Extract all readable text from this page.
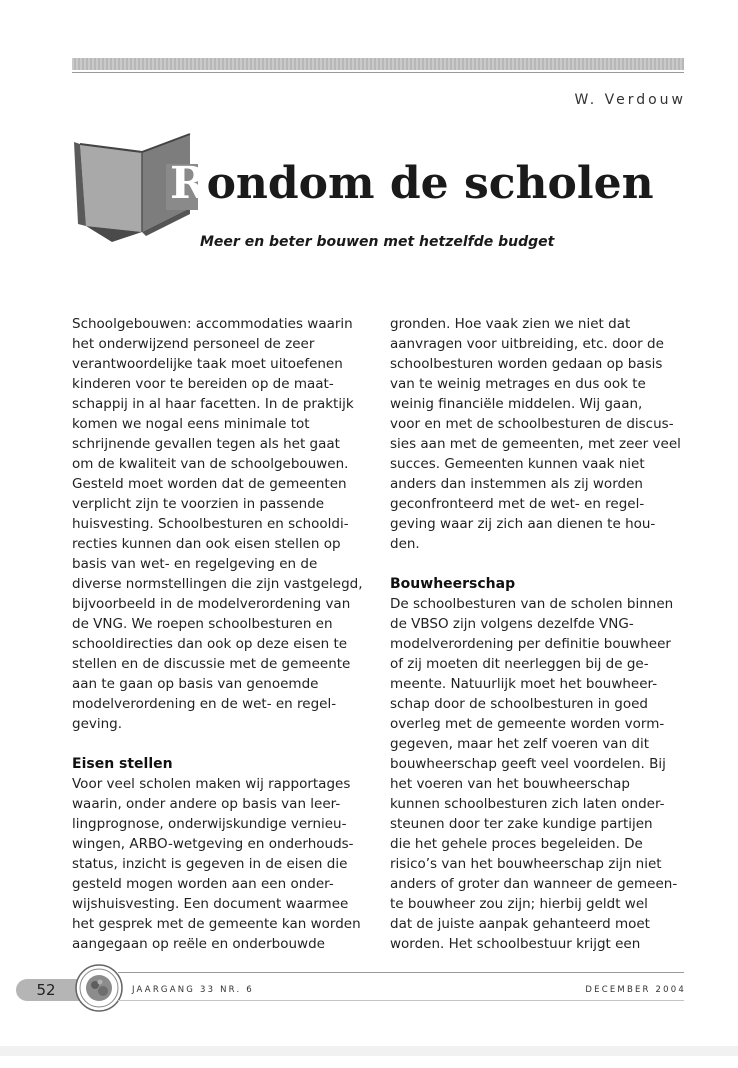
W. Verdouw
Rondom de scholen

Meer en beter bouwen met hetzelfde budget

Schoolgebouwen: accommodaties waarin
het onderwijzend personeel de zeer
verantwoordelijke taak moet uitoefenen
kinderen voor te bereiden op de maat-
schappij in al haar facetten. In de praktijk
komen we nogal eens minimale tot
schrijnende gevallen tegen als het gaat
om de kwaliteit van de schoolgebouwen.
Gesteld moet worden dat de gemeenten
verplicht zijn te voorzien in passende
huisvesting. Schoolbesturen en schooldi-
recties kunnen dan ook eisen stellen op
basis van wet- en regelgeving en de
diverse normstellingen die zijn vastgelegd,
bijvoorbeeld in de modelverordening van
de VNG. We roepen schoolbesturen en
schooldirecties dan ook op deze eisen te
stellen en de discussie met de gemeente
aan te gaan op basis van genoemde
modelverordening en de wet- en regel-
geving.

Eisen stellen

Voor veel scholen maken wij rapportages
waarin, onder andere op basis van leer-
lingprognose, onderwijskundige vernieu-
wingen, ARBO-wetgeving en onderhouds-
status, inzicht is gegeven in de eisen die
gesteld mogen worden aan een onder-
wijshuisvesting. Een document waarmee
het gesprek met de gemeente kan worden
aangegaan op reële en onderbouwde

gronden. Hoe vaak zien we niet dat
aanvragen voor uitbreiding, etc. door de
schoolbesturen worden gedaan op basis
van te weinig metrages en dus ook te
weinig financiële middelen. Wij gaan,
voor en met de schoolbesturen de discus-
sies aan met de gemeenten, met zeer veel
succes. Gemeenten kunnen vaak niet
anders dan instemmen als zij worden
geconfronteerd met de wet- en regel-
geving waar zij zich aan dienen te hou-
den.

Bouwheerschap

De schoolbesturen van de scholen binnen
de VBSO zijn volgens dezelfde VNG-
modelverordening per definitie bouwheer
of zij moeten dit neerleggen bij de ge-
meente. Natuurlijk moet het bouwheer-
schap door de schoolbesturen in goed
overleg met de gemeente worden vorm-
gegeven, maar het zelf voeren van dit
bouwheerschap geeft veel voordelen. Bij
het voeren van het bouwheerschap
kunnen schoolbesturen zich laten onder-
steunen door ter zake kundige partijen
die het gehele proces begeleiden. De
risico’s van het bouwheerschap zijn niet
anders of groter dan wanneer de gemeen-
te bouwheer zou zijn; hierbij geldt wel
dat de juiste aanpak gehanteerd moet
worden. Het schoolbestuur krijgt een

52	JAARGANG 33 NR. 6	DECEMBER 2004
